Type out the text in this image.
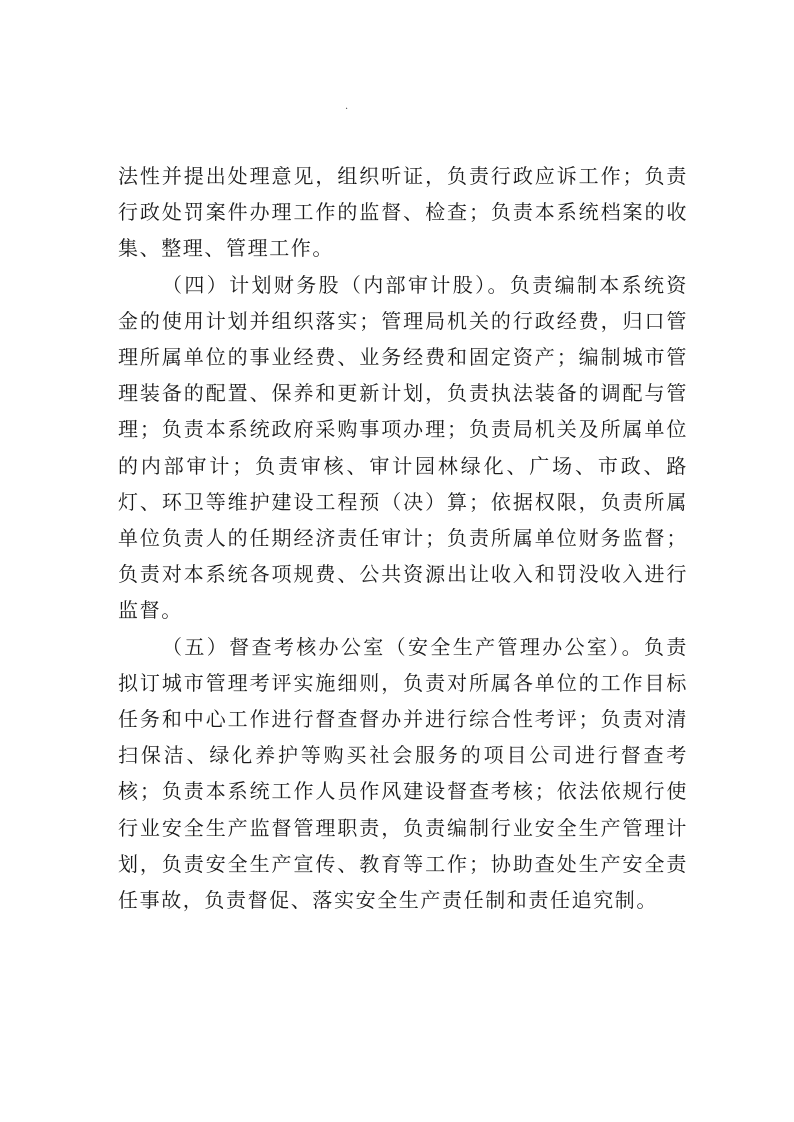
·

法性并提出处理意见，组织听证，负责行政应诉工作；负责行政处罚案件办理工作的监督、检查；负责本系统档案的收集、整理、管理工作。

（四）计划财务股（内部审计股）。负责编制本系统资金的使用计划并组织落实；管理局机关的行政经费，归口管理所属单位的事业经费、业务经费和固定资产；编制城市管理装备的配置、保养和更新计划，负责执法装备的调配与管理；负责本系统政府采购事项办理；负责局机关及所属单位的内部审计；负责审核、审计园林绿化、广场、市政、路灯、环卫等维护建设工程预（决）算；依据权限，负责所属单位负责人的任期经济责任审计；负责所属单位财务监督；负责对本系统各项规费、公共资源出让收入和罚没收入进行监督。

（五）督查考核办公室（安全生产管理办公室）。负责拟订城市管理考评实施细则，负责对所属各单位的工作目标任务和中心工作进行督查督办并进行综合性考评；负责对清扫保洁、绿化养护等购买社会服务的项目公司进行督查考核；负责本系统工作人员作风建设督查考核；依法依规行使行业安全生产监督管理职责，负责编制行业安全生产管理计划，负责安全生产宣传、教育等工作；协助查处生产安全责任事故，负责督促、落实安全生产责任制和责任追究制。
